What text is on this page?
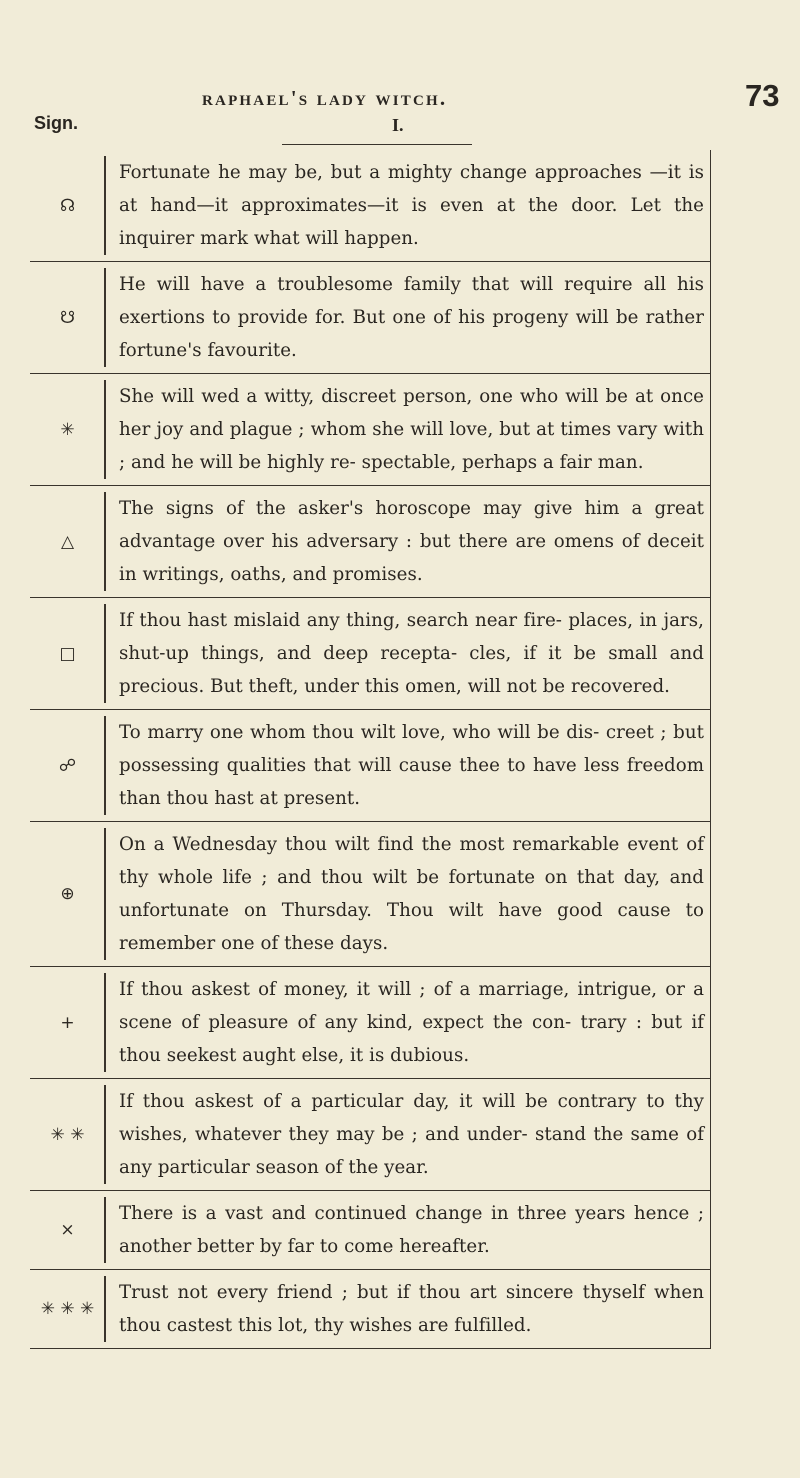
raphael's lady witch.	73
Sign.	I.
☊
Fortunate he may be, but a mighty change approaches —it is at hand—it approximates—it is even at the door. Let the inquirer mark what will happen.
☋
He will have a troublesome family that will require all his exertions to provide for. But one of his progeny will be rather fortune's favourite.
✳
She will wed a witty, discreet person, one who will be at once her joy and plague ; whom she will love, but at times vary with ; and he will be highly re- spectable, perhaps a fair man.
△
The signs of the asker's horoscope may give him a great advantage over his adversary : but there are omens of deceit in writings, oaths, and promises.
□
If thou hast mislaid any thing, search near fire- places, in jars, shut-up things, and deep recepta- cles, if it be small and precious. But theft, under this omen, will not be recovered.
☍
To marry one whom thou wilt love, who will be dis- creet ; but possessing qualities that will cause thee to have less freedom than thou hast at present.
⊕
On a Wednesday thou wilt find the most remarkable event of thy whole life ; and thou wilt be fortunate on that day, and unfortunate on Thursday. Thou wilt have good cause to remember one of these days.
+
If thou askest of money, it will ; of a marriage, intrigue, or a scene of pleasure of any kind, expect the con- trary : but if thou seekest aught else, it is dubious.
✳ ✳
If thou askest of a particular day, it will be contrary to thy wishes, whatever they may be ; and under- stand the same of any particular season of the year.
×
There is a vast and continued change in three years hence ; another better by far to come hereafter.
✳ ✳ ✳
Trust not every friend ; but if thou art sincere thyself when thou castest this lot, thy wishes are fulfilled.
